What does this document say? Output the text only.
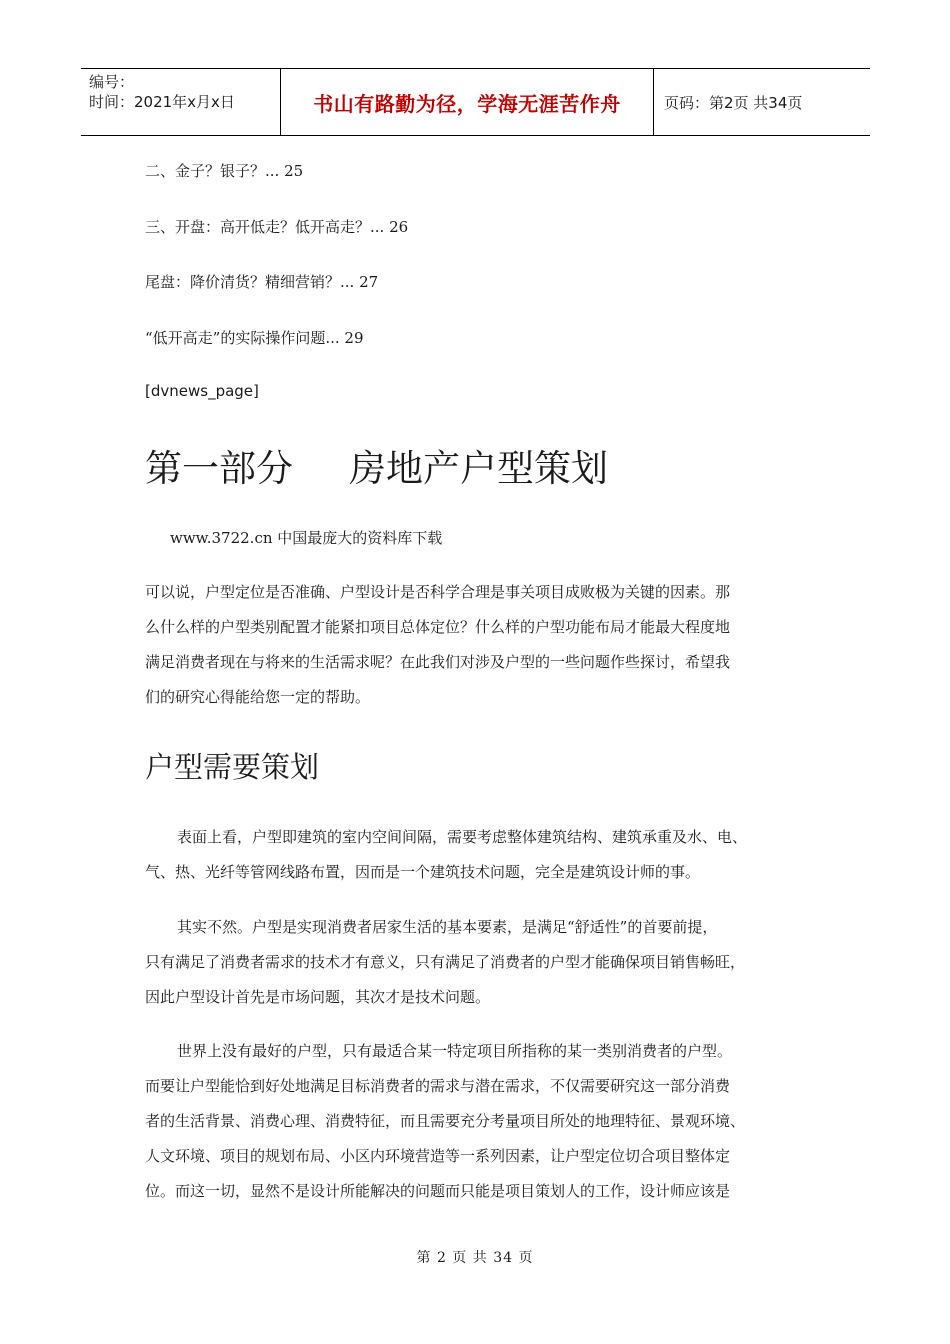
编号：
时间：2021年x月x日	书山有路勤为径，学海无涯苦作舟	页码：第2页 共34页
二、金子？银子？... 25
三、开盘：高开低走？低开高走？... 26
尾盘：降价清货？精细营销？... 27
“低开高走”的实际操作问题... 29
[dvnews_page]
第一部分 房地产户型策划
www.3722.cn 中国最庞大的资料库下载
可以说，户型定位是否准确、户型设计是否科学合理是事关项目成败极为关键的因素。那
么什么样的户型类别配置才能紧扣项目总体定位？什么样的户型功能布局才能最大程度地
满足消费者现在与将来的生活需求呢？在此我们对涉及户型的一些问题作些探讨，希望我
们的研究心得能给您一定的帮助。
户型需要策划
表面上看，户型即建筑的室内空间间隔，需要考虑整体建筑结构、建筑承重及水、电、
气、热、光纤等管网线路布置，因而是一个建筑技术问题，完全是建筑设计师的事。
其实不然。户型是实现消费者居家生活的基本要素，是满足“舒适性”的首要前提，
只有满足了消费者需求的技术才有意义，只有满足了消费者的户型才能确保项目销售畅旺，
因此户型设计首先是市场问题，其次才是技术问题。
世界上没有最好的户型，只有最适合某一特定项目所指称的某一类别消费者的户型。
而要让户型能恰到好处地满足目标消费者的需求与潜在需求，不仅需要研究这一部分消费
者的生活背景、消费心理、消费特征，而且需要充分考量项目所处的地理特征、景观环境、
人文环境、项目的规划布局、小区内环境营造等一系列因素，让户型定位切合项目整体定
位。而这一切，显然不是设计所能解决的问题而只能是项目策划人的工作，设计师应该是
第 2 页 共 34 页
